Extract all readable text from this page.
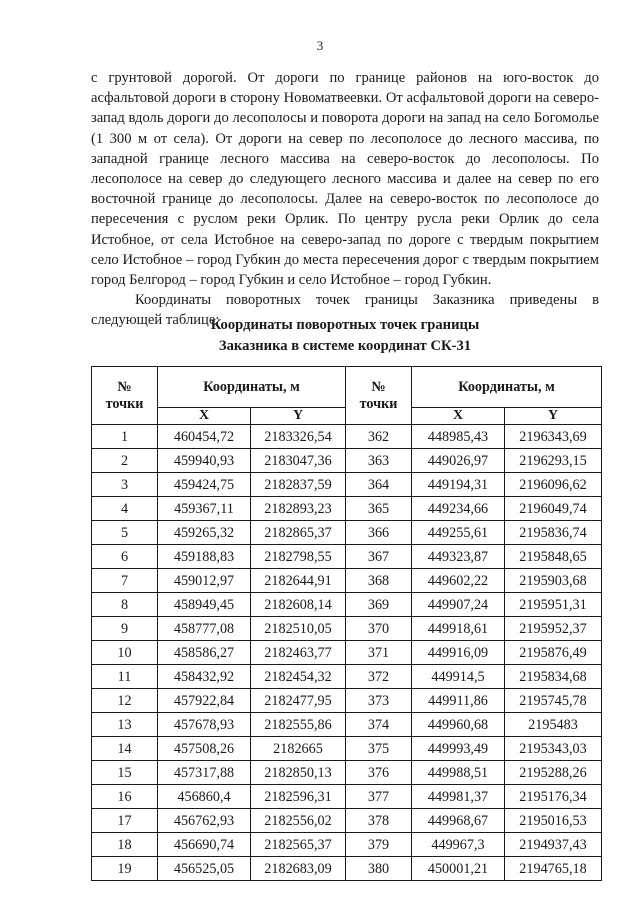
3

с грунтовой дорогой. От дороги по границе районов на юго-восток до асфальтовой дороги в сторону Новоматвеевки. От асфальтовой дороги на северо-запад вдоль дороги до лесополосы и поворота дороги на запад на село Богомолье (1 300 м от села). От дороги на север по лесополосе до лесного массива, по западной границе лесного массива на северо-восток до лесополосы. По лесополосе на север до следующего лесного массива и далее на север по его восточной границе до лесополосы. Далее на северо-восток по лесополосе до пересечения с руслом реки Орлик. По центру русла реки Орлик до села Истобное, от села Истобное на северо-запад по дороге с твердым покрытием село Истобное – город Губкин до места пересечения дорог с твердым покрытием город Белгород – город Губкин и село Истобное – город Губкин.

Координаты поворотных точек границы Заказника приведены в следующей таблице:

Координаты поворотных точек границы
Заказника в системе координат СК-31
№
точки	Координаты, м		№
точки	Координаты, м	
	X	Y		X	Y
1	460454,72	2183326,54	362	448985,43	2196343,69
2	459940,93	2183047,36	363	449026,97	2196293,15
3	459424,75	2182837,59	364	449194,31	2196096,62
4	459367,11	2182893,23	365	449234,66	2196049,74
5	459265,32	2182865,37	366	449255,61	2195836,74
6	459188,83	2182798,55	367	449323,87	2195848,65
7	459012,97	2182644,91	368	449602,22	2195903,68
8	458949,45	2182608,14	369	449907,24	2195951,31
9	458777,08	2182510,05	370	449918,61	2195952,37
10	458586,27	2182463,77	371	449916,09	2195876,49
11	458432,92	2182454,32	372	449914,5	2195834,68
12	457922,84	2182477,95	373	449911,86	2195745,78
13	457678,93	2182555,86	374	449960,68	2195483
14	457508,26	2182665	375	449993,49	2195343,03
15	457317,88	2182850,13	376	449988,51	2195288,26
16	456860,4	2182596,31	377	449981,37	2195176,34
17	456762,93	2182556,02	378	449968,67	2195016,53
18	456690,74	2182565,37	379	449967,3	2194937,43
19	456525,05	2182683,09	380	450001,21	2194765,18
